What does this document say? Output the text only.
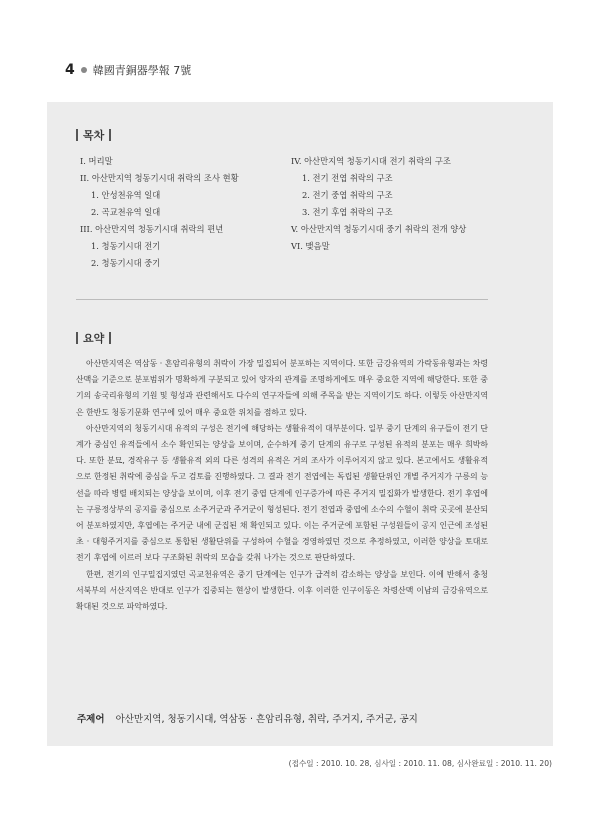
4 韓國青銅器學報 7號
목차
I. 머리말
II. 아산만지역 청동기시대 취락의 조사 현황
1. 안성천유역 일대
2. 곡교천유역 일대
III. 아산만지역 청동기시대 취락의 편년
1. 청동기시대 전기
2. 청동기시대 중기
IV. 아산만지역 청동기시대 전기 취락의 구조
1. 전기 전엽 취락의 구조
2. 전기 중엽 취락의 구조
3. 전기 후엽 취락의 구조
V. 아산만지역 청동기시대 중기 취락의 전개 양상
VI. 맺음말
요약

아산만지역은 역삼동 · 흔암리유형의 취락이 가장 밀집되어 분포하는 지역이다. 또한 금강유역의 가락동유형과는 차령산맥을 기준으로 분포범위가 명확하게 구분되고 있어 양자의 관계를 조명하게에도 매우 중요한 지역에 해당한다. 또한 중기의 송국리유형의 기원 및 형성과 관련해서도 다수의 연구자들에 의해 주목을 받는 지역이기도 하다. 이렇듯 아산만지역은 한반도 청동기문화 연구에 있어 매우 중요한 위치를 점하고 있다.

아산만지역의 청동기시대 유적의 구성은 전기에 해당하는 생활유적이 대부분이다. 일부 중기 단계의 유구들이 전기 단계가 중심인 유적들에서 소수 확인되는 양상을 보이며, 순수하게 중기 단계의 유구로 구성된 유적의 분포는 매우 희박하다. 또한 분묘, 경작유구 등 생활유적 외의 다른 성격의 유적은 거의 조사가 이루어지지 않고 있다. 본고에서도 생활유적으로 한정된 취락에 중심을 두고 검토를 진행하였다. 그 결과 전기 전엽에는 독립된 생활단위인 개별 주거지가 구릉의 능선을 따라 병렬 배치되는 양상을 보이며, 이후 전기 중엽 단계에 인구증가에 따른 주거지 밀집화가 발생한다. 전기 후엽에는 구릉정상부의 공지를 중심으로 소주거군과 주거군이 형성된다. 전기 전엽과 중엽에 소수의 수혈이 취락 곳곳에 분산되어 분포하였지만, 후엽에는 주거군 내에 군집된 채 확인되고 있다. 이는 주거군에 포함된 구성원들이 공지 인근에 조성된 초 · 대형주거지를 중심으로 통합된 생활단위를 구성하여 수혈을 경영하였던 것으로 추정하였고, 이러한 양상을 토대로 전기 후엽에 이르러 보다 구조화된 취락의 모습을 갖춰 나가는 것으로 판단하였다.

한편, 전기의 인구밀집지였던 곡교천유역은 중기 단계에는 인구가 급격히 감소하는 양상을 보인다. 이에 반해서 충청 서북부의 서산지역은 반대로 인구가 집중되는 현상이 발생한다. 이후 이러한 인구이동은 차령산맥 이남의 금강유역으로 확대된 것으로 파악하였다.

주제어 아산만지역, 청동기시대, 역삼동 · 흔암리유형, 취락, 주거지, 주거군, 공지
(접수일 : 2010. 10. 28, 심사일 : 2010. 11. 08, 심사완료일 : 2010. 11. 20)
